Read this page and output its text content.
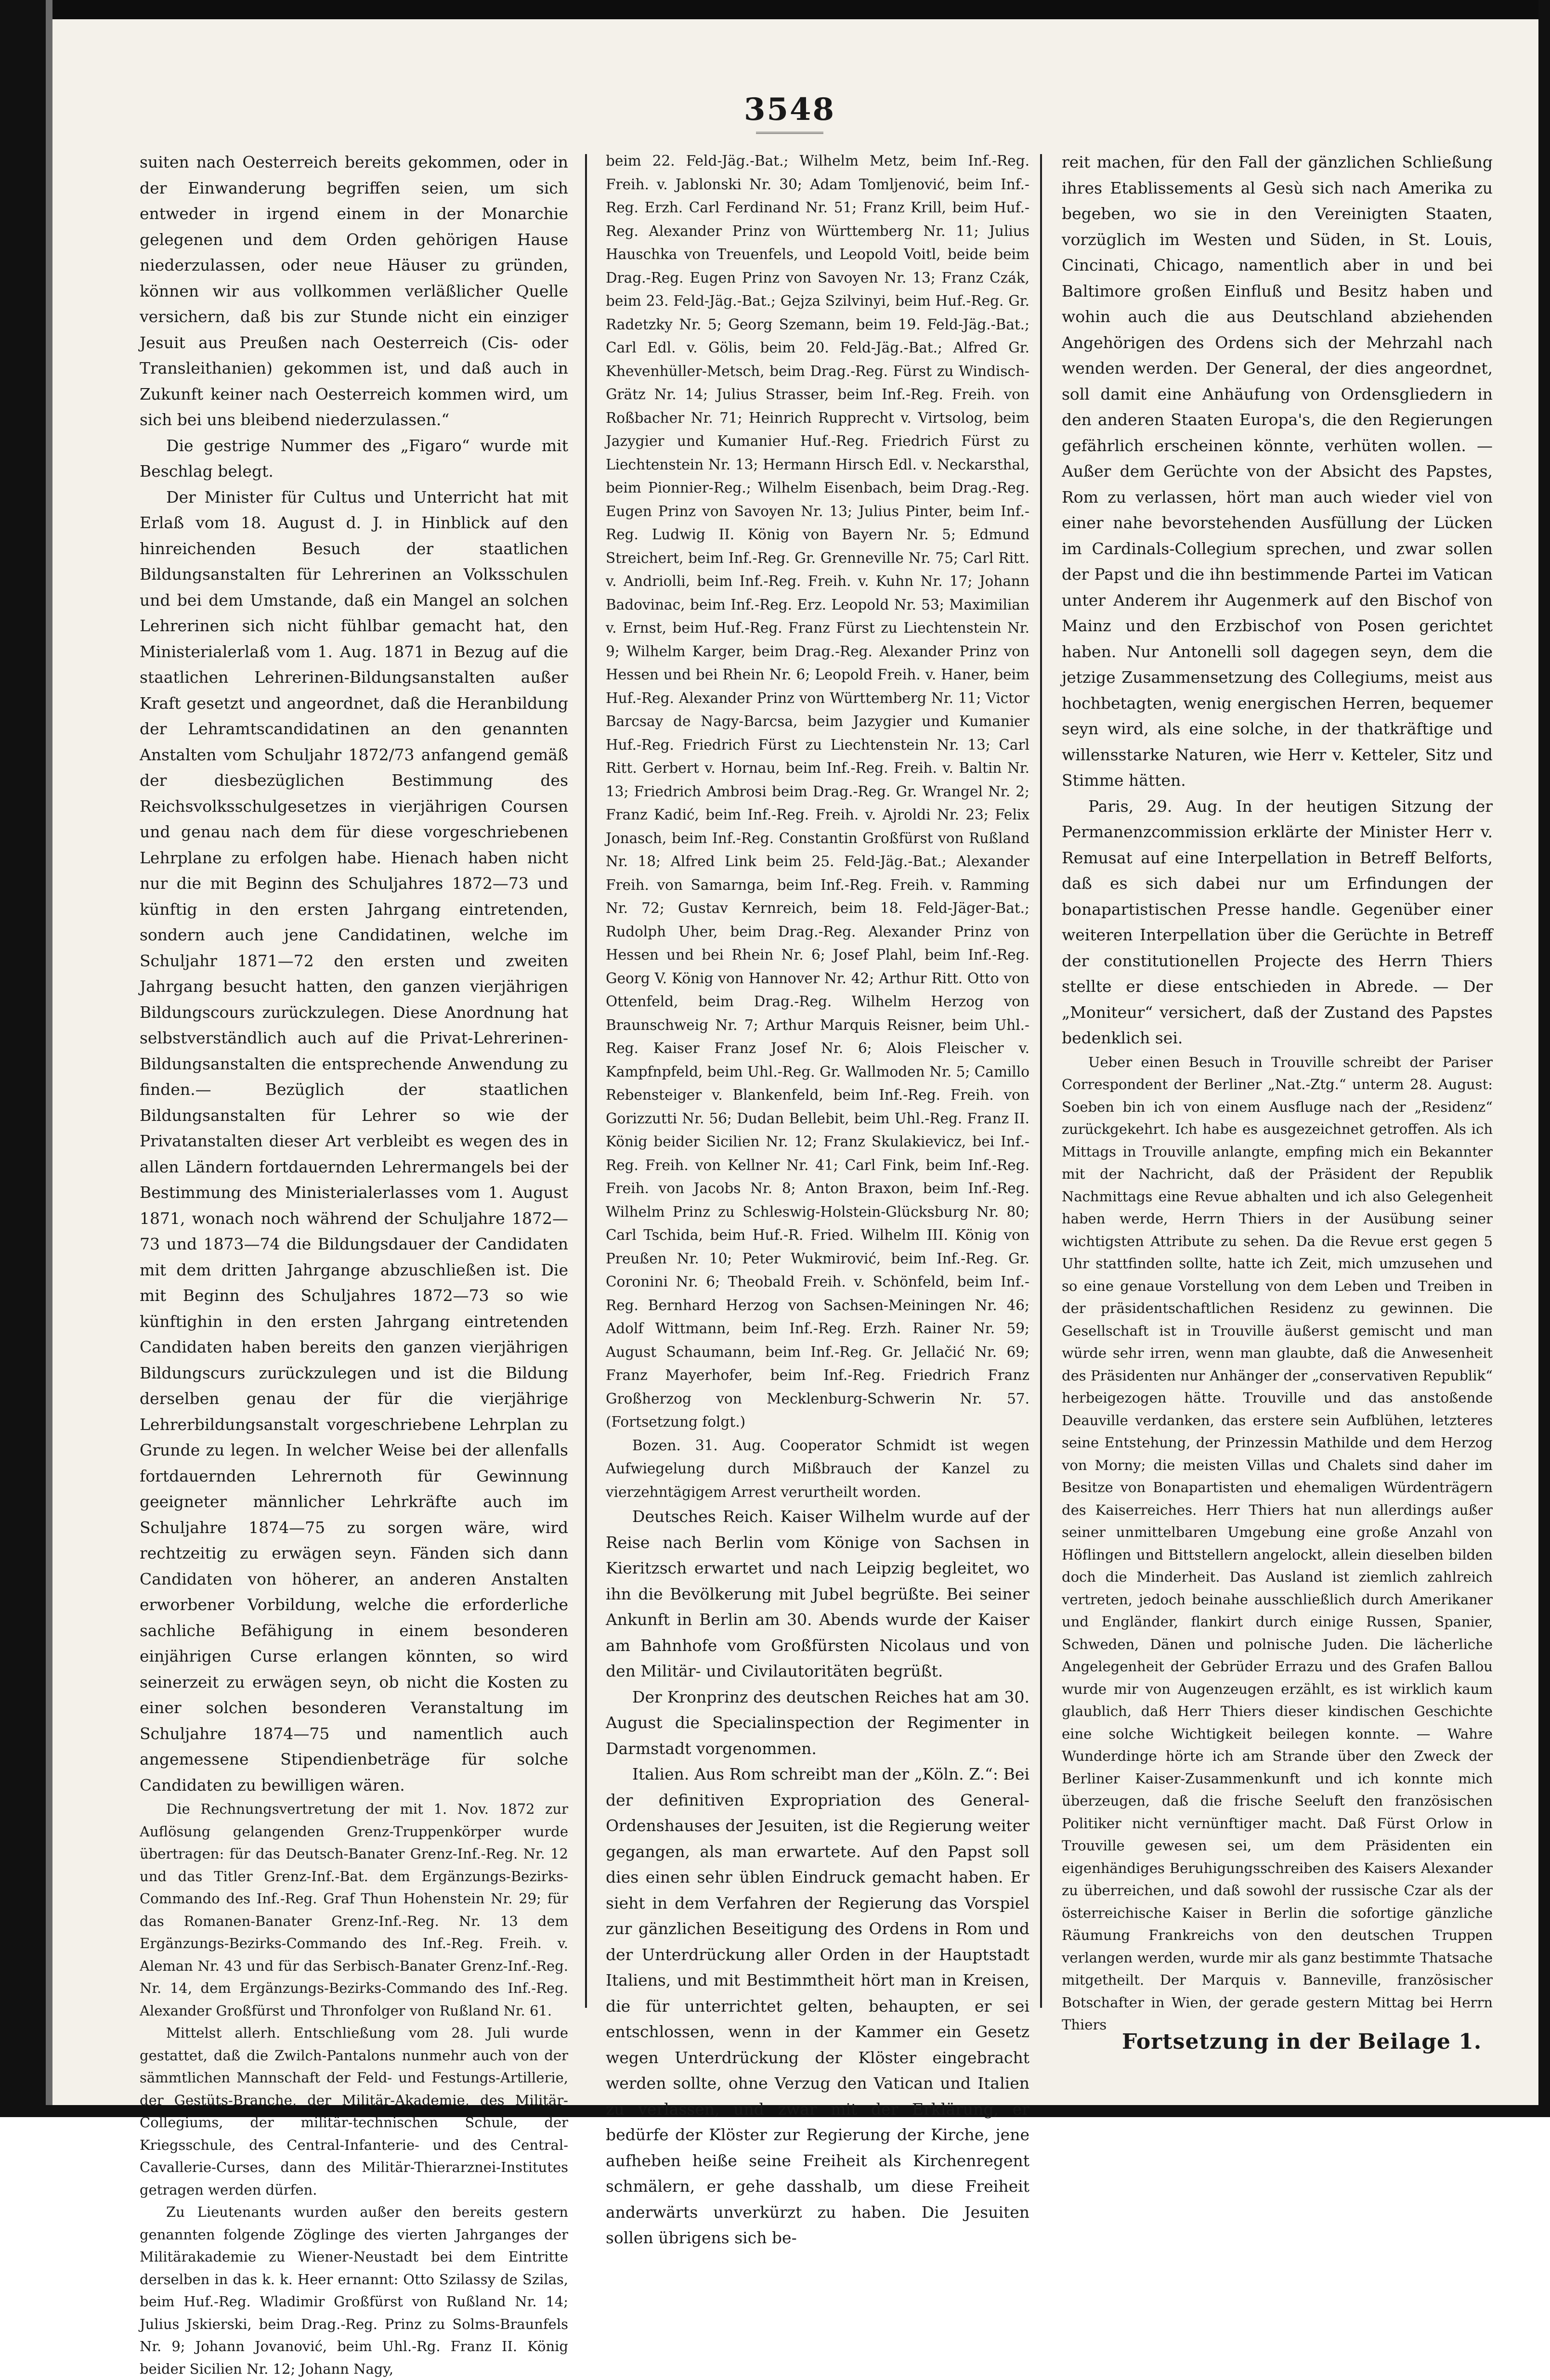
3548

suiten nach Oesterreich bereits gekommen, oder in der Einwanderung begriffen seien, um sich entweder in irgend einem in der Monarchie gelegenen und dem Orden gehörigen Hause niederzulassen, oder neue Häuser zu gründen, können wir aus vollkommen verläßlicher Quelle versichern, daß bis zur Stunde nicht ein einziger Jesuit aus Preußen nach Oesterreich (Cis- oder Transleithanien) gekommen ist, und daß auch in Zukunft keiner nach Oesterreich kommen wird, um sich bei uns bleibend niederzulassen.“

Die gestrige Nummer des „Figaro“ wurde mit Beschlag belegt.

Der Minister für Cultus und Unterricht hat mit Erlaß vom 18. August d. J. in Hinblick auf den hinreichenden Besuch der staatlichen Bildungsanstalten für Lehrerinen an Volksschulen und bei dem Umstande, daß ein Mangel an solchen Lehrerinen sich nicht fühlbar gemacht hat, den Ministerialerlaß vom 1. Aug. 1871 in Bezug auf die staatlichen Lehrerinen-Bildungsanstalten außer Kraft gesetzt und angeordnet, daß die Heranbildung der Lehramtscandidatinen an den genannten Anstalten vom Schuljahr 1872/73 anfangend gemäß der diesbezüglichen Bestimmung des Reichsvolksschulgesetzes in vierjährigen Coursen und genau nach dem für diese vorgeschriebenen Lehrplane zu erfolgen habe. Hienach haben nicht nur die mit Beginn des Schuljahres 1872—73 und künftig in den ersten Jahrgang eintretenden, sondern auch jene Candidatinen, welche im Schuljahr 1871—72 den ersten und zweiten Jahrgang besucht hatten, den ganzen vierjährigen Bildungscours zurückzulegen. Diese Anordnung hat selbstverständlich auch auf die Privat-Lehrerinen-Bildungsanstalten die entsprechende Anwendung zu finden.— Bezüglich der staatlichen Bildungsanstalten für Lehrer so wie der Privatanstalten dieser Art verbleibt es wegen des in allen Ländern fortdauernden Lehrermangels bei der Bestimmung des Ministerialerlasses vom 1. August 1871, wonach noch während der Schuljahre 1872—73 und 1873—74 die Bildungsdauer der Candidaten mit dem dritten Jahrgange abzuschließen ist. Die mit Beginn des Schuljahres 1872—73 so wie künftighin in den ersten Jahrgang eintretenden Candidaten haben bereits den ganzen vierjährigen Bildungscurs zurückzulegen und ist die Bildung derselben genau der für die vierjährige Lehrerbildungsanstalt vorgeschriebene Lehrplan zu Grunde zu legen. In welcher Weise bei der allenfalls fortdauernden Lehrernoth für Gewinnung geeigneter männlicher Lehrkräfte auch im Schuljahre 1874—75 zu sorgen wäre, wird rechtzeitig zu erwägen seyn. Fänden sich dann Candidaten von höherer, an anderen Anstalten erworbener Vorbildung, welche die erforderliche sachliche Befähigung in einem besonderen einjährigen Curse erlangen könnten, so wird seinerzeit zu erwägen seyn, ob nicht die Kosten zu einer solchen besonderen Veranstaltung im Schuljahre 1874—75 und namentlich auch angemessene Stipendienbeträge für solche Candidaten zu bewilligen wären.

Die Rechnungsvertretung der mit 1. Nov. 1872 zur Auflösung gelangenden Grenz-Truppenkörper wurde übertragen: für das Deutsch-Banater Grenz-Inf.-Reg. Nr. 12 und das Titler Grenz-Inf.-Bat. dem Ergänzungs-Bezirks-Commando des Inf.-Reg. Graf Thun Hohenstein Nr. 29; für das Romanen-Banater Grenz-Inf.-Reg. Nr. 13 dem Ergänzungs-Bezirks-Commando des Inf.-Reg. Freih. v. Aleman Nr. 43 und für das Serbisch-Banater Grenz-Inf.-Reg. Nr. 14, dem Ergänzungs-Bezirks-Commando des Inf.-Reg. Alexander Großfürst und Thronfolger von Rußland Nr. 61.

Mittelst allerh. Entschließung vom 28. Juli wurde gestattet, daß die Zwilch-Pantalons nunmehr auch von der sämmtlichen Mannschaft der Feld- und Festungs-Artillerie, der Gestüts-Branche, der Militär-Akademie, des Militär-Collegiums, der militär-technischen Schule, der Kriegsschule, des Central-Infanterie- und des Central-Cavallerie-Curses, dann des Militär-Thierarznei-Institutes getragen werden dürfen.

Zu Lieutenants wurden außer den bereits gestern genannten folgende Zöglinge des vierten Jahrganges der Militärakademie zu Wiener-Neustadt bei dem Eintritte derselben in das k. k. Heer ernannt: Otto Szilassy de Szilas, beim Huf.-Reg. Wladimir Großfürst von Rußland Nr. 14; Julius Jskierski, beim Drag.-Reg. Prinz zu Solms-Braunfels Nr. 9; Johann Jovanović, beim Uhl.-Rg. Franz II. König beider Sicilien Nr. 12; Johann Nagy,

beim 22. Feld-Jäg.-Bat.; Wilhelm Metz, beim Inf.-Reg. Freih. v. Jablonski Nr. 30; Adam Tomljenović, beim Inf.-Reg. Erzh. Carl Ferdinand Nr. 51; Franz Krill, beim Huf.-Reg. Alexander Prinz von Württemberg Nr. 11; Julius Hauschka von Treuenfels, und Leopold Voitl, beide beim Drag.-Reg. Eugen Prinz von Savoyen Nr. 13; Franz Czák, beim 23. Feld-Jäg.-Bat.; Gejza Szilvinyi, beim Huf.-Reg. Gr. Radetzky Nr. 5; Georg Szemann, beim 19. Feld-Jäg.-Bat.; Carl Edl. v. Gölis, beim 20. Feld-Jäg.-Bat.; Alfred Gr. Khevenhüller-Metsch, beim Drag.-Reg. Fürst zu Windisch-Grätz Nr. 14; Julius Strasser, beim Inf.-Reg. Freih. von Roßbacher Nr. 71; Heinrich Rupprecht v. Virtsolog, beim Jazygier und Kumanier Huf.-Reg. Friedrich Fürst zu Liechtenstein Nr. 13; Hermann Hirsch Edl. v. Neckarsthal, beim Pionnier-Reg.; Wilhelm Eisenbach, beim Drag.-Reg. Eugen Prinz von Savoyen Nr. 13; Julius Pinter, beim Inf.-Reg. Ludwig II. König von Bayern Nr. 5; Edmund Streichert, beim Inf.-Reg. Gr. Grenneville Nr. 75; Carl Ritt. v. Andriolli, beim Inf.-Reg. Freih. v. Kuhn Nr. 17; Johann Badovinac, beim Inf.-Reg. Erz. Leopold Nr. 53; Maximilian v. Ernst, beim Huf.-Reg. Franz Fürst zu Liechtenstein Nr. 9; Wilhelm Karger, beim Drag.-Reg. Alexander Prinz von Hessen und bei Rhein Nr. 6; Leopold Freih. v. Haner, beim Huf.-Reg. Alexander Prinz von Württemberg Nr. 11; Victor Barcsay de Nagy-Barcsa, beim Jazygier und Kumanier Huf.-Reg. Friedrich Fürst zu Liechtenstein Nr. 13; Carl Ritt. Gerbert v. Hornau, beim Inf.-Reg. Freih. v. Baltin Nr. 13; Friedrich Ambrosi beim Drag.-Reg. Gr. Wrangel Nr. 2; Franz Kadić, beim Inf.-Reg. Freih. v. Ajroldi Nr. 23; Felix Jonasch, beim Inf.-Reg. Constantin Großfürst von Rußland Nr. 18; Alfred Link beim 25. Feld-Jäg.-Bat.; Alexander Freih. von Samarnga, beim Inf.-Reg. Freih. v. Ramming Nr. 72; Gustav Kernreich, beim 18. Feld-Jäger-Bat.; Rudolph Uher, beim Drag.-Reg. Alexander Prinz von Hessen und bei Rhein Nr. 6; Josef Plahl, beim Inf.-Reg. Georg V. König von Hannover Nr. 42; Arthur Ritt. Otto von Ottenfeld, beim Drag.-Reg. Wilhelm Herzog von Braunschweig Nr. 7; Arthur Marquis Reisner, beim Uhl.-Reg. Kaiser Franz Josef Nr. 6; Alois Fleischer v. Kampfnpfeld, beim Uhl.-Reg. Gr. Wallmoden Nr. 5; Camillo Rebensteiger v. Blankenfeld, beim Inf.-Reg. Freih. von Gorizzutti Nr. 56; Dudan Bellebit, beim Uhl.-Reg. Franz II. König beider Sicilien Nr. 12; Franz Skulakievicz, bei Inf.-Reg. Freih. von Kellner Nr. 41; Carl Fink, beim Inf.-Reg. Freih. von Jacobs Nr. 8; Anton Braxon, beim Inf.-Reg. Wilhelm Prinz zu Schleswig-Holstein-Glücksburg Nr. 80; Carl Tschida, beim Huf.-R. Fried. Wilhelm III. König von Preußen Nr. 10; Peter Wukmirović, beim Inf.-Reg. Gr. Coronini Nr. 6; Theobald Freih. v. Schönfeld, beim Inf.-Reg. Bernhard Herzog von Sachsen-Meiningen Nr. 46; Adolf Wittmann, beim Inf.-Reg. Erzh. Rainer Nr. 59; August Schaumann, beim Inf.-Reg. Gr. Jellačić Nr. 69; Franz Mayerhofer, beim Inf.-Reg. Friedrich Franz Großherzog von Mecklenburg-Schwerin Nr. 57. (Fortsetzung folgt.)

Bozen. 31. Aug. Cooperator Schmidt ist wegen Aufwiegelung durch Mißbrauch der Kanzel zu vierzehntägigem Arrest verurtheilt worden.

Deutsches Reich. Kaiser Wilhelm wurde auf der Reise nach Berlin vom Könige von Sachsen in Kieritzsch erwartet und nach Leipzig begleitet, wo ihn die Bevölkerung mit Jubel begrüßte. Bei seiner Ankunft in Berlin am 30. Abends wurde der Kaiser am Bahnhofe vom Großfürsten Nicolaus und von den Militär- und Civilautoritäten begrüßt.

Der Kronprinz des deutschen Reiches hat am 30. August die Specialinspection der Regimenter in Darmstadt vorgenommen.

Italien. Aus Rom schreibt man der „Köln. Z.“: Bei der definitiven Expropriation des General-Ordenshauses der Jesuiten, ist die Regierung weiter gegangen, als man erwartete. Auf den Papst soll dies einen sehr üblen Eindruck gemacht haben. Er sieht in dem Verfahren der Regierung das Vorspiel zur gänzlichen Beseitigung des Ordens in Rom und der Unterdrückung aller Orden in der Hauptstadt Italiens, und mit Bestimmtheit hört man in Kreisen, die für unterrichtet gelten, behaupten, er sei entschlossen, wenn in der Kammer ein Gesetz wegen Unterdrückung der Klöster eingebracht werden sollte, ohne Verzug den Vatican und Italien zu verlassen, und zwar mit der Erklärung, er bedürfe der Klöster zur Regierung der Kirche, jene aufheben heiße seine Freiheit als Kirchenregent schmälern, er gehe dasshalb, um diese Freiheit anderwärts unverkürzt zu haben. Die Jesuiten sollen übrigens sich be-

reit machen, für den Fall der gänzlichen Schließung ihres Etablissements al Gesù sich nach Amerika zu begeben, wo sie in den Vereinigten Staaten, vorzüglich im Westen und Süden, in St. Louis, Cincinati, Chicago, namentlich aber in und bei Baltimore großen Einfluß und Besitz haben und wohin auch die aus Deutschland abziehenden Angehörigen des Ordens sich der Mehrzahl nach wenden werden. Der General, der dies angeordnet, soll damit eine Anhäufung von Ordensgliedern in den anderen Staaten Europa's, die den Regierungen gefährlich erscheinen könnte, verhüten wollen. — Außer dem Gerüchte von der Absicht des Papstes, Rom zu verlassen, hört man auch wieder viel von einer nahe bevorstehenden Ausfüllung der Lücken im Cardinals-Collegium sprechen, und zwar sollen der Papst und die ihn bestimmende Partei im Vatican unter Anderem ihr Augenmerk auf den Bischof von Mainz und den Erzbischof von Posen gerichtet haben. Nur Antonelli soll dagegen seyn, dem die jetzige Zusammensetzung des Collegiums, meist aus hochbetagten, wenig energischen Herren, bequemer seyn wird, als eine solche, in der thatkräftige und willensstarke Naturen, wie Herr v. Ketteler, Sitz und Stimme hätten.

Paris, 29. Aug. In der heutigen Sitzung der Permanenzcommission erklärte der Minister Herr v. Remusat auf eine Interpellation in Betreff Belforts, daß es sich dabei nur um Erfindungen der bonapartistischen Presse handle. Gegenüber einer weiteren Interpellation über die Gerüchte in Betreff der constitutionellen Projecte des Herrn Thiers stellte er diese entschieden in Abrede. — Der „Moniteur“ versichert, daß der Zustand des Papstes bedenklich sei.

Ueber einen Besuch in Trouville schreibt der Pariser Correspondent der Berliner „Nat.-Ztg.“ unterm 28. August: Soeben bin ich von einem Ausfluge nach der „Residenz“ zurückgekehrt. Ich habe es ausgezeichnet getroffen. Als ich Mittags in Trouville anlangte, empfing mich ein Bekannter mit der Nachricht, daß der Präsident der Republik Nachmittags eine Revue abhalten und ich also Gelegenheit haben werde, Herrn Thiers in der Ausübung seiner wichtigsten Attribute zu sehen. Da die Revue erst gegen 5 Uhr stattfinden sollte, hatte ich Zeit, mich umzusehen und so eine genaue Vorstellung von dem Leben und Treiben in der präsidentschaftlichen Residenz zu gewinnen. Die Gesellschaft ist in Trouville äußerst gemischt und man würde sehr irren, wenn man glaubte, daß die Anwesenheit des Präsidenten nur Anhänger der „conservativen Republik“ herbeigezogen hätte. Trouville und das anstoßende Deauville verdanken, das erstere sein Aufblühen, letzteres seine Entstehung, der Prinzessin Mathilde und dem Herzog von Morny; die meisten Villas und Chalets sind daher im Besitze von Bonapartisten und ehemaligen Würdenträgern des Kaiserreiches. Herr Thiers hat nun allerdings außer seiner unmittelbaren Umgebung eine große Anzahl von Höflingen und Bittstellern angelockt, allein dieselben bilden doch die Minderheit. Das Ausland ist ziemlich zahlreich vertreten, jedoch beinahe ausschließlich durch Amerikaner und Engländer, flankirt durch einige Russen, Spanier, Schweden, Dänen und polnische Juden. Die lächerliche Angelegenheit der Gebrüder Errazu und des Grafen Ballou wurde mir von Augenzeugen erzählt, es ist wirklich kaum glaublich, daß Herr Thiers dieser kindischen Geschichte eine solche Wichtigkeit beilegen konnte. — Wahre Wunderdinge hörte ich am Strande über den Zweck der Berliner Kaiser-Zusammenkunft und ich konnte mich überzeugen, daß die frische Seeluft den französischen Politiker nicht vernünftiger macht. Daß Fürst Orlow in Trouville gewesen sei, um dem Präsidenten ein eigenhändiges Beruhigungsschreiben des Kaisers Alexander zu überreichen, und daß sowohl der russische Czar als der österreichische Kaiser in Berlin die sofortige gänzliche Räumung Frankreichs von den deutschen Truppen verlangen werden, wurde mir als ganz bestimmte Thatsache mitgetheilt. Der Marquis v. Banneville, französischer Botschafter in Wien, der gerade gestern Mittag bei Herrn Thiers

Fortsetzung in der Beilage 1.
